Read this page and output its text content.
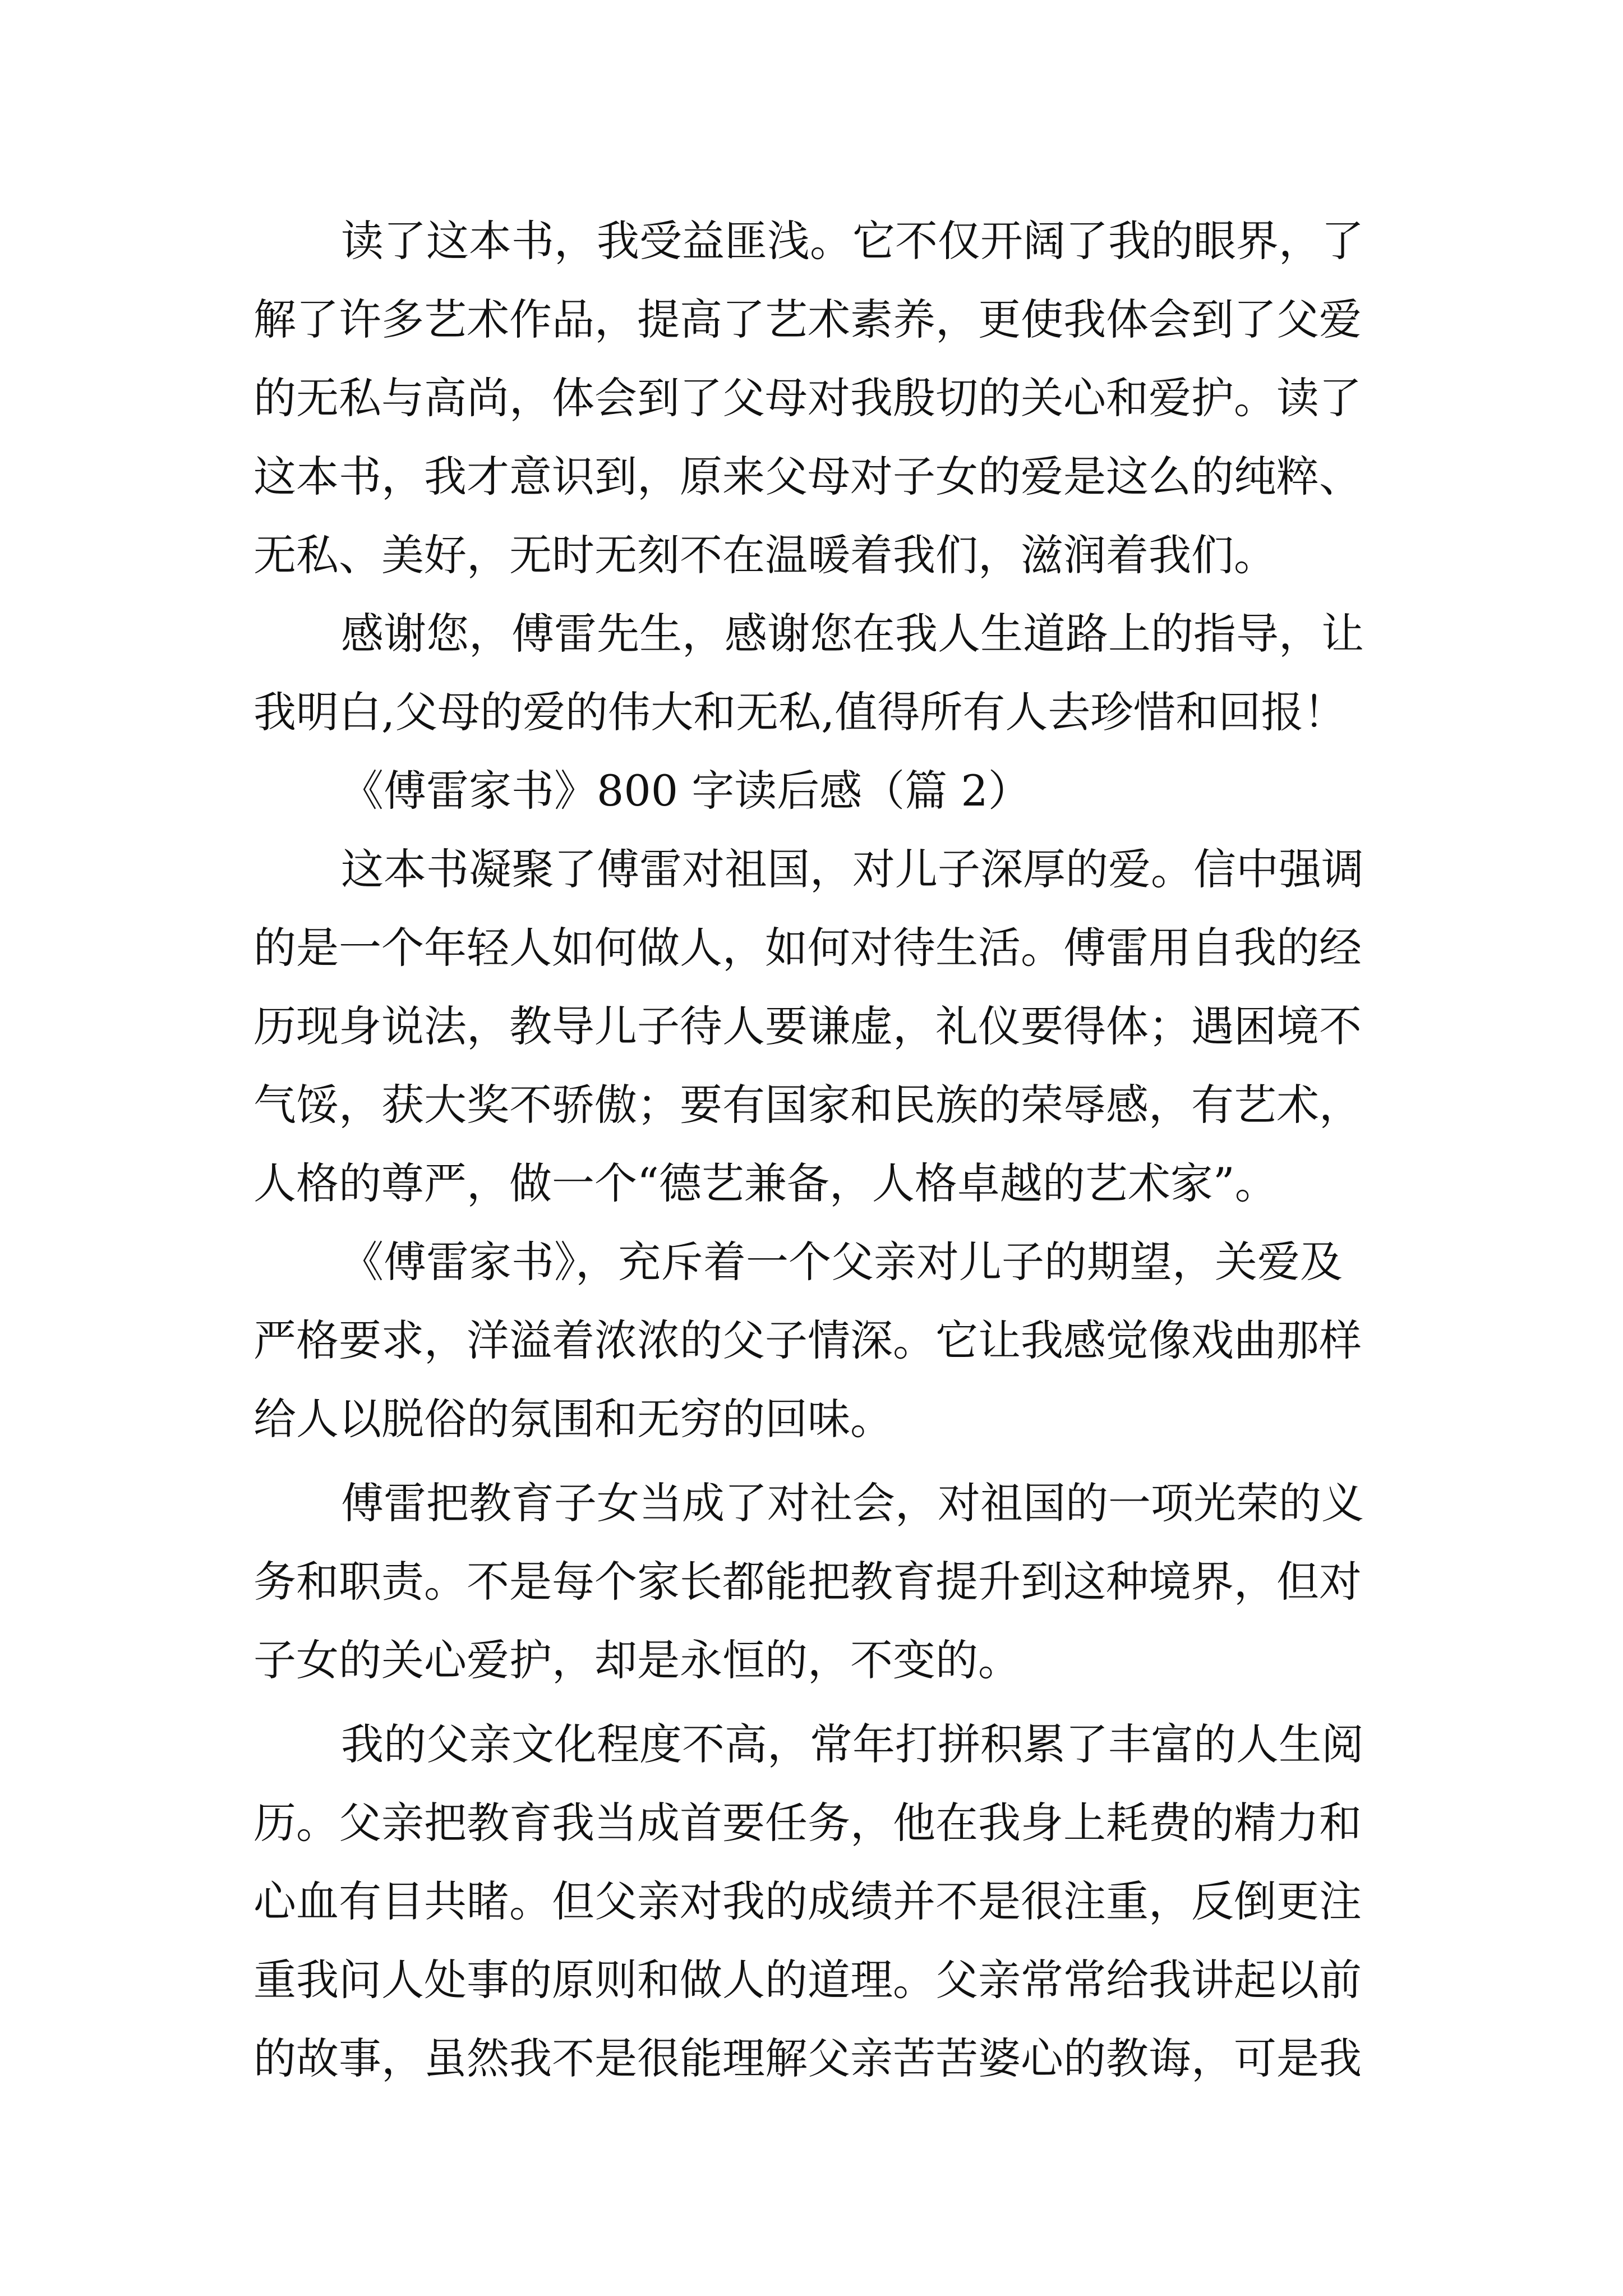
读了这本书，我受益匪浅。它不仅开阔了我的眼界，了
解了许多艺术作品，提高了艺术素养，更使我体会到了父爱
的无私与高尚，体会到了父母对我殷切的关心和爱护。读了
这本书，我才意识到，原来父母对子女的爱是这么的纯粹、
无私、美好，无时无刻不在温暖着我们，滋润着我们。
感谢您，傅雷先生，感谢您在我人生道路上的指导，让
我明白,父母的爱的伟大和无私,值得所有人去珍惜和回报！
《傅雷家书》800 字读后感（篇 2）
这本书凝聚了傅雷对祖国，对儿子深厚的爱。信中强调
的是一个年轻人如何做人，如何对待生活。傅雷用自我的经
历现身说法，教导儿子待人要谦虚，礼仪要得体；遇困境不
气馁，获大奖不骄傲；要有国家和民族的荣辱感，有艺术，
人格的尊严，做一个“德艺兼备，人格卓越的艺术家”。
《傅雷家书》，充斥着一个父亲对儿子的期望，关爱及
严格要求，洋溢着浓浓的父子情深。它让我感觉像戏曲那样
给人以脱俗的氛围和无穷的回味。
傅雷把教育子女当成了对社会，对祖国的一项光荣的义
务和职责。不是每个家长都能把教育提升到这种境界，但对
子女的关心爱护，却是永恒的，不变的。
我的父亲文化程度不高，常年打拼积累了丰富的人生阅
历。父亲把教育我当成首要任务，他在我身上耗费的精力和
心血有目共睹。但父亲对我的成绩并不是很注重，反倒更注
重我问人处事的原则和做人的道理。父亲常常给我讲起以前
的故事，虽然我不是很能理解父亲苦苦婆心的教诲，可是我
